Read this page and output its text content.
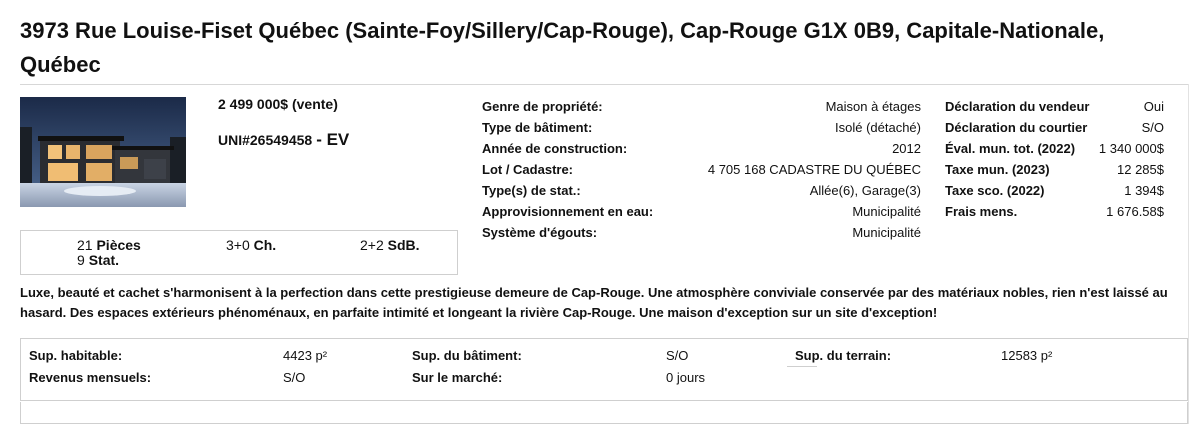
3973 Rue Louise-Fiset Québec (Sainte-Foy/Sillery/Cap-Rouge), Cap-Rouge G1X 0B9, Capitale-Nationale, Québec
2 499 000$ (vente)
UNI#26549458 - EV
21 Pièces
9 Stat.
3+0 Ch.	2+2 SdB.
Genre de propriété:	Maison à étages
Type de bâtiment:	Isolé (détaché)
Année de construction:	2012
Lot / Cadastre:	4 705 168 CADASTRE DU QUÉBEC
Type(s) de stat.:	Allée(6), Garage(3)
Approvisionnement en eau:	Municipalité
Système d'égouts:	Municipalité
Déclaration du vendeur	Oui
Déclaration du courtier	S/O
Éval. mun. tot. (2022) 1 340 000$
Taxe mun. (2023)	12 285$
Taxe sco. (2022)	1 394$
Frais mens.	1 676.58$
Luxe, beauté et cachet s'harmonisent à la perfection dans cette prestigieuse demeure de Cap-Rouge. Une atmosphère conviviale conservée par des matériaux nobles, rien n'est laissé au hasard. Des espaces extérieurs phénoménaux, en parfaite intimité et longeant la rivière Cap-Rouge. Une maison d'exception sur un site d'exception!
Sup. habitable:	4423 p²	Sup. du bâtiment:	S/O	Sup. du terrain:	12583 p²
Revenus mensuels:	S/O	Sur le marché:	0 jours
